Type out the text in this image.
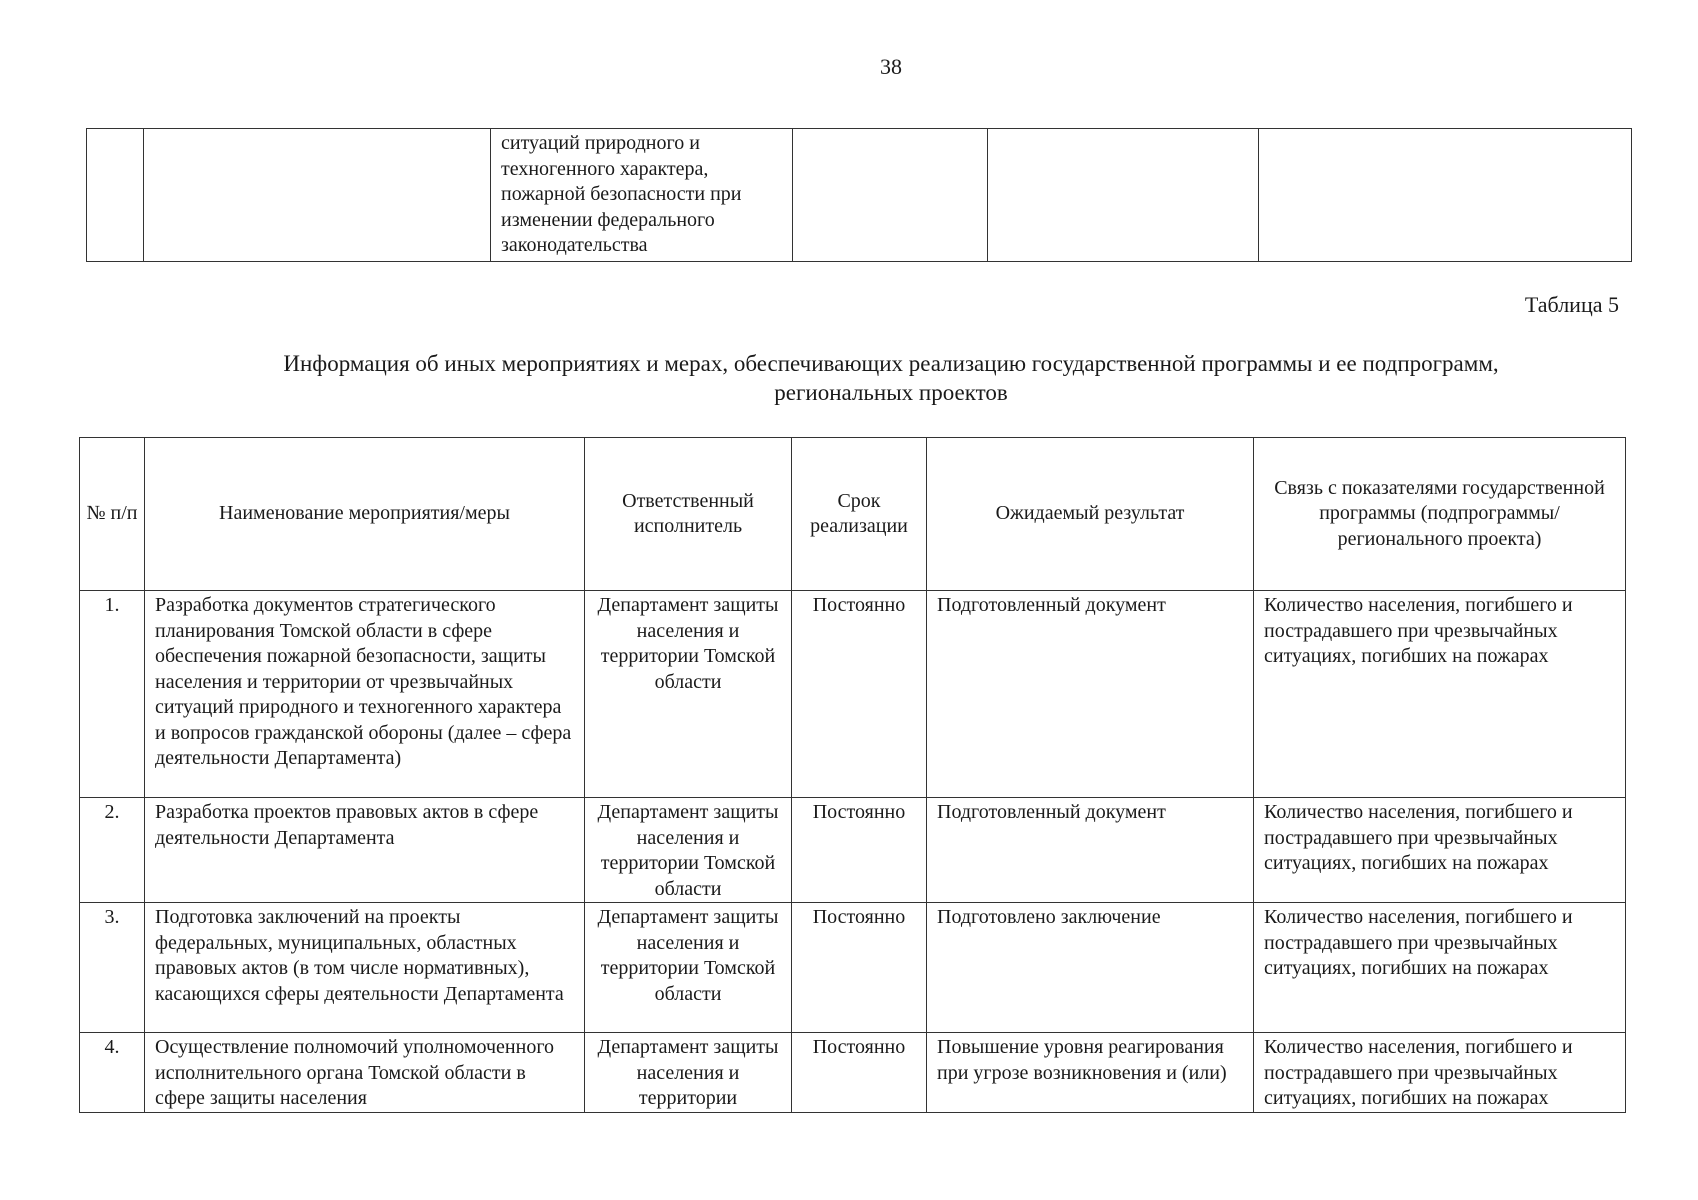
38
		ситуаций природного и техногенного характера, пожарной безопасности при изменении федерального законодательства			
Таблица 5
Информация об иных мероприятиях и мерах, обеспечивающих реализацию государственной программы и ее подпрограмм,
региональных проектов
№ п/п	Наименование мероприятия/меры	Ответственный исполнитель	Срок реализации	Ожидаемый результат	Связь с показателями государственной программы (подпрограммы/регионального проекта)
1.	Разработка документов стратегического планирования Томской области в сфере обеспечения пожарной безопасности, защиты населения и территории от чрезвычайных ситуаций природного и техногенного характера и вопросов гражданской обороны (далее – сфера деятельности Департамента)	Департамент защиты населения и территории Томской области	Постоянно	Подготовленный документ	Количество населения, погибшего и пострадавшего при чрезвычайных ситуациях, погибших на пожарах
2.	Разработка проектов правовых актов в сфере деятельности Департамента	Департамент защиты населения и территории Томской области	Постоянно	Подготовленный документ	Количество населения, погибшего и пострадавшего при чрезвычайных ситуациях, погибших на пожарах
3.	Подготовка заключений на проекты федеральных, муниципальных, областных правовых актов (в том числе нормативных), касающихся сферы деятельности Департамента	Департамент защиты населения и территории Томской области	Постоянно	Подготовлено заключение	Количество населения, погибшего и пострадавшего при чрезвычайных ситуациях, погибших на пожарах
4.	Осуществление полномочий уполномоченного исполнительного органа Томской области в сфере защиты населения	Департамент защиты населения и территории	Постоянно	Повышение уровня реагирования при угрозе возникновения и (или)	Количество населения, погибшего и пострадавшего при чрезвычайных ситуациях, погибших на пожарах
